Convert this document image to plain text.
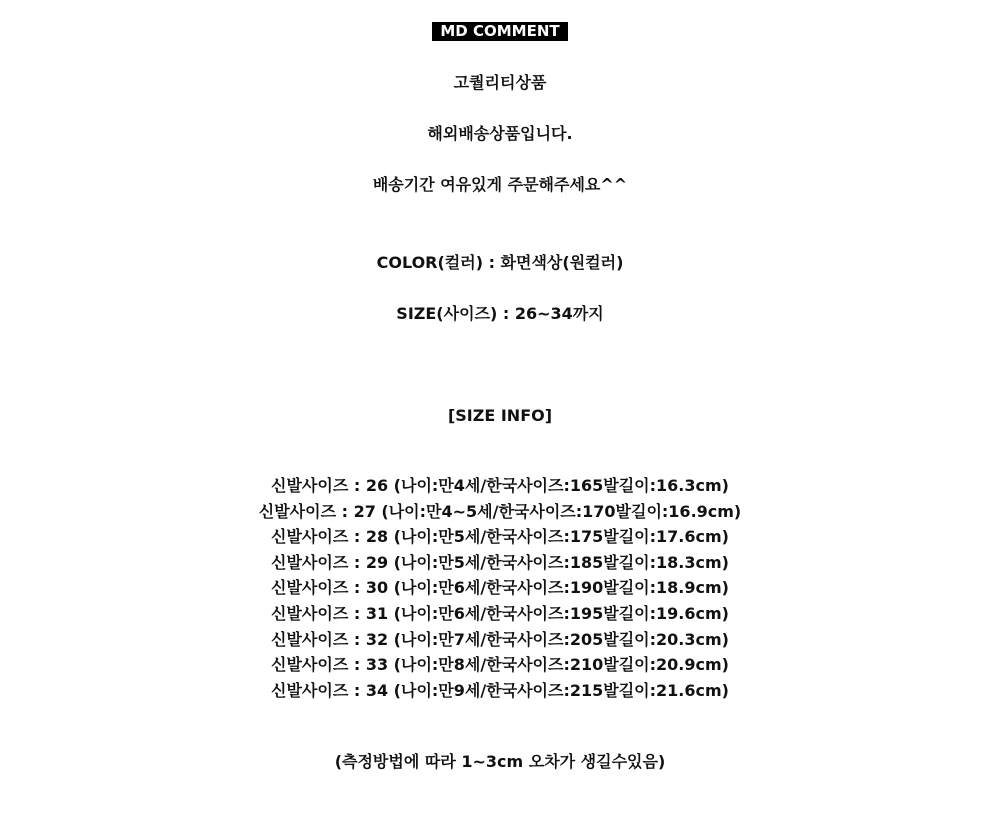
MD COMMENT
고퀄리티상품
해외배송상품입니다.
배송기간 여유있게 주문해주세요^^
COLOR(컬러) : 화면색상(원컬러)
SIZE(사이즈) : 26~34까지
[SIZE INFO]
신발사이즈 : 26 (나이:만4세/한국사이즈:165발길이:16.3cm)
신발사이즈 : 27 (나이:만4~5세/한국사이즈:170발길이:16.9cm)
신발사이즈 : 28 (나이:만5세/한국사이즈:175발길이:17.6cm)
신발사이즈 : 29 (나이:만5세/한국사이즈:185발길이:18.3cm)
신발사이즈 : 30 (나이:만6세/한국사이즈:190발길이:18.9cm)
신발사이즈 : 31 (나이:만6세/한국사이즈:195발길이:19.6cm)
신발사이즈 : 32 (나이:만7세/한국사이즈:205발길이:20.3cm)
신발사이즈 : 33 (나이:만8세/한국사이즈:210발길이:20.9cm)
신발사이즈 : 34 (나이:만9세/한국사이즈:215발길이:21.6cm)
(측정방법에 따라 1~3cm 오차가 생길수있음)
